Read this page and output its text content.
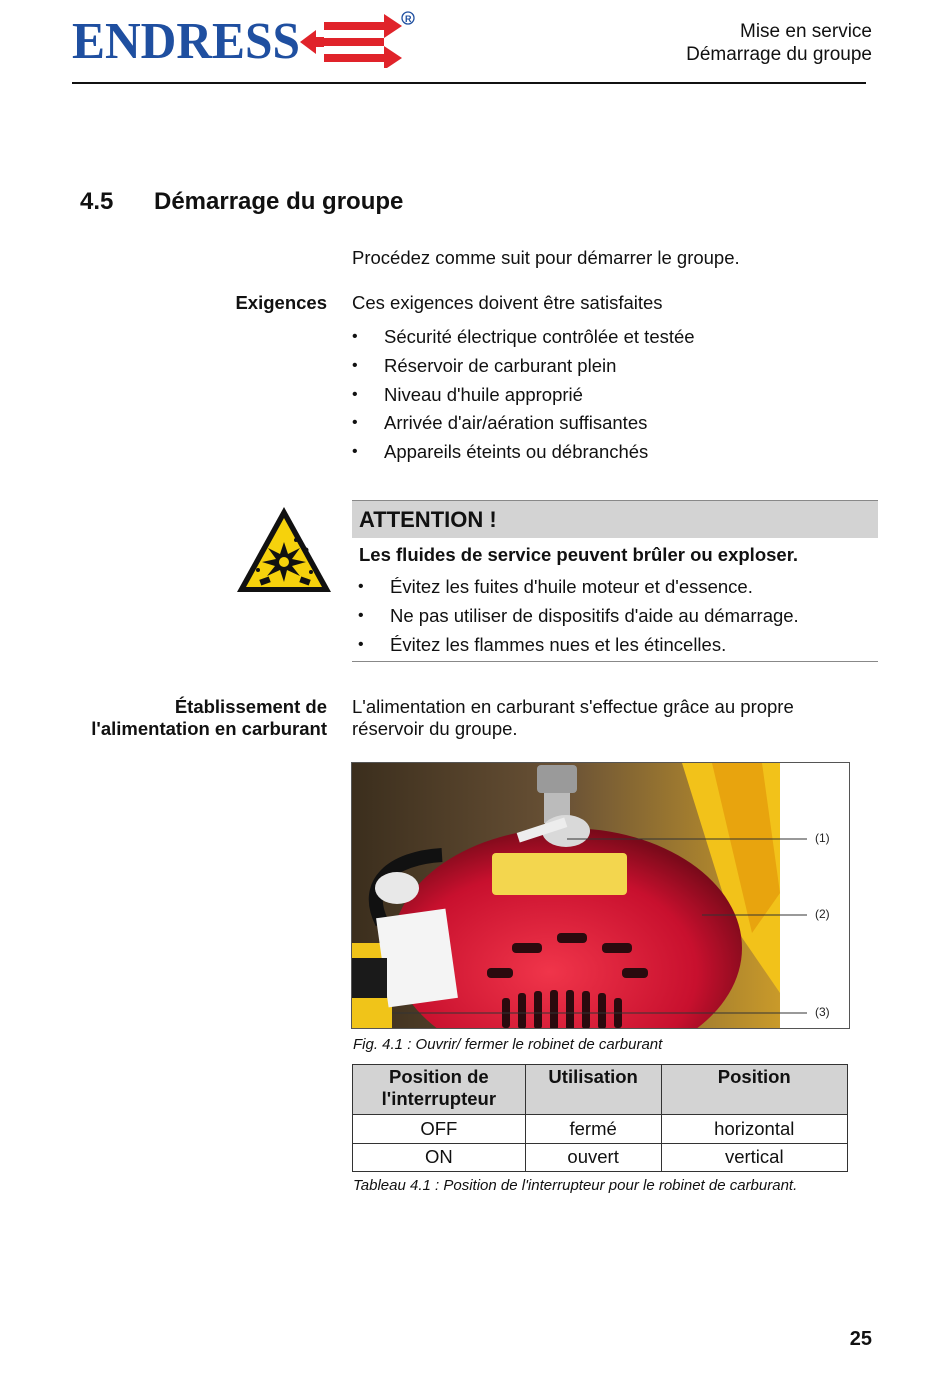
ENDRESS	R
Mise en service
Démarrage du groupe
4.5 Démarrage du groupe
Procédez comme suit pour démarrer le groupe.
Exigences Ces exigences doivent être satisfaites
• Sécurité électrique contrôlée et testée
• Réservoir de carburant plein
• Niveau d'huile approprié
• Arrivée d'air/aération suffisantes
• Appareils éteints ou débranchés
ATTENTION !
Les fluides de service peuvent brûler ou exploser.
• Évitez les fuites d'huile moteur et d'essence.
• Ne pas utiliser de dispositifs d'aide au démarrage.
• Évitez les flammes nues et les étincelles.
Établissement de
l'alimentation en carburant
L'alimentation en carburant s'effectue grâce au propre
réservoir du groupe.
(1)
(2)
(3)
Fig. 4.1 : Ouvrir/ fermer le robinet de carburant
Position de l'interrupteur	Utilisation	Position
OFF	fermé	horizontal
ON	ouvert	vertical
Tableau 4.1 : Position de l'interrupteur pour le robinet de carburant.
25
